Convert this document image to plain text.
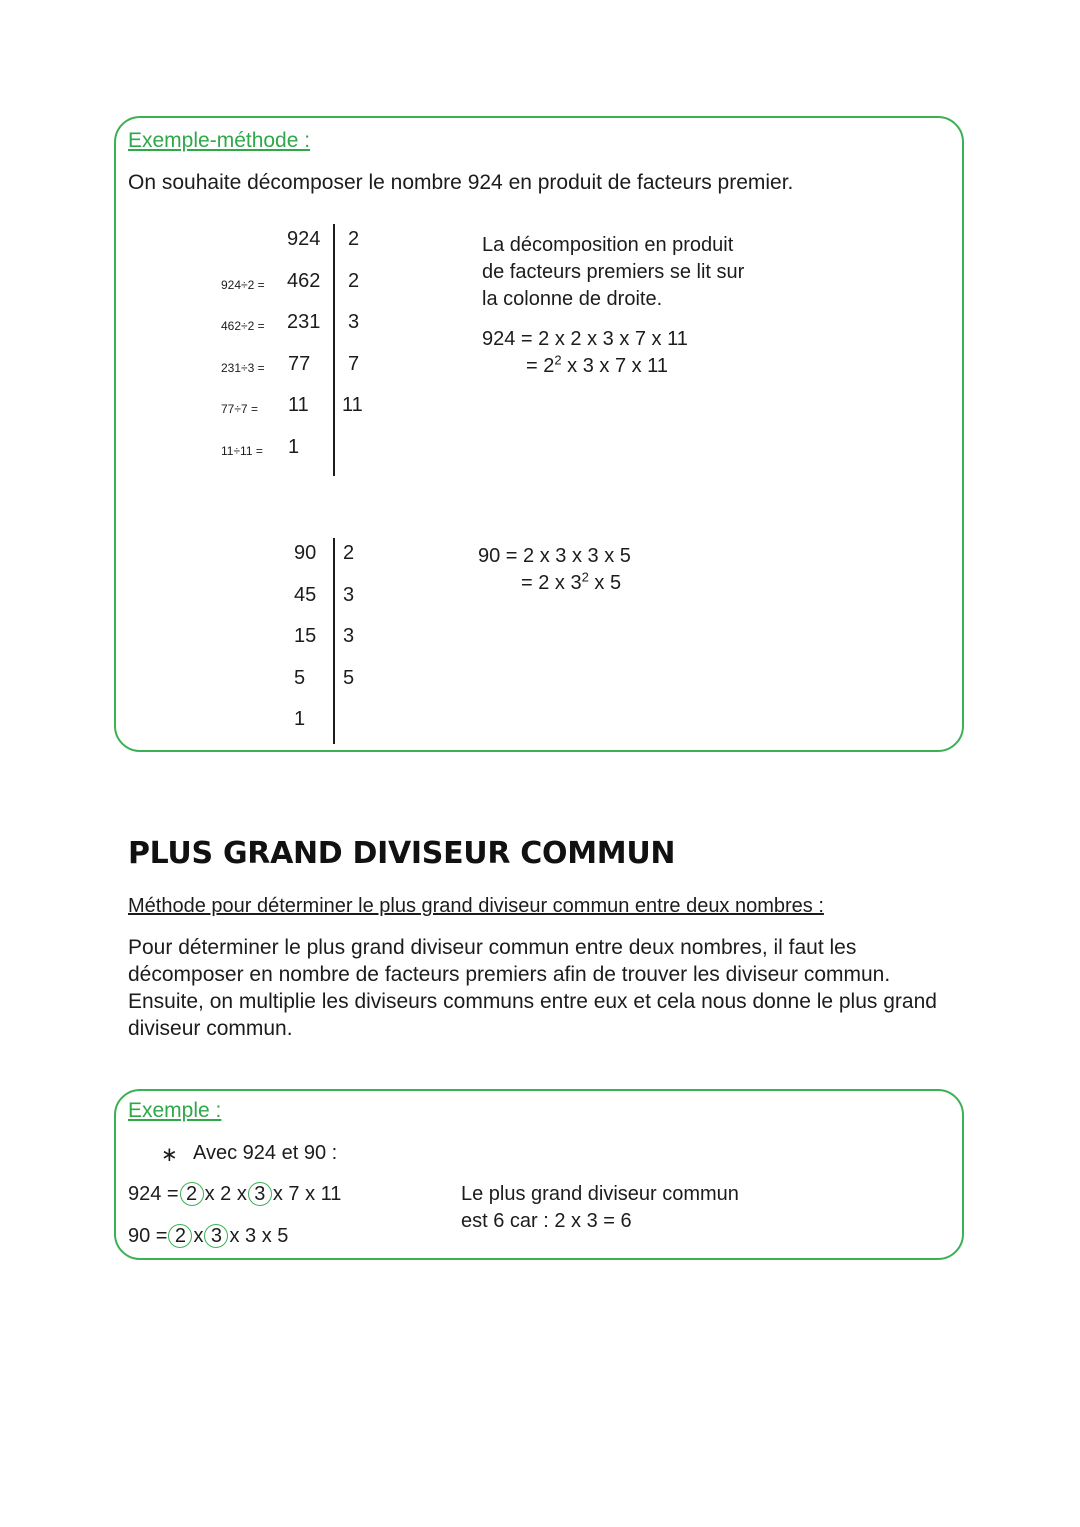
Exemple-méthode :
On souhaite décomposer le nombre 924 en produit de facteurs premier.
924 2
924÷2 = 462 2
462÷2 = 231 3
231÷3 = 77 7
77÷7 = 11 11
11÷11 = 1
La décomposition en produit
de facteurs premiers se lit sur
la colonne de droite.
924 = 2 x 2 x 3 x 7 x 11
= $2^2$ x 3 x 7 x 11
90 2
45 3
15 3
5 5
1
90 = 2 x 3 x 3 x 5
= 2 x $3^2$ x 5
PLUS GRAND DIVISEUR COMMUN
Méthode pour déterminer le plus grand diviseur commun entre deux nombres :
Pour déterminer le plus grand diviseur commun entre deux nombres, il faut les décomposer en nombre de facteurs premiers afin de trouver les diviseur commun. Ensuite, on multiplie les diviseurs communs entre eux et cela nous donne le plus grand diviseur commun.
Exemple :
∗ Avec 924 et 90 :
924 = 2 x 2 x 3 x 7 x 11
90 = 2 x 3 x 3 x 5
Le plus grand diviseur commun
est 6 car : 2 x 3 = 6
